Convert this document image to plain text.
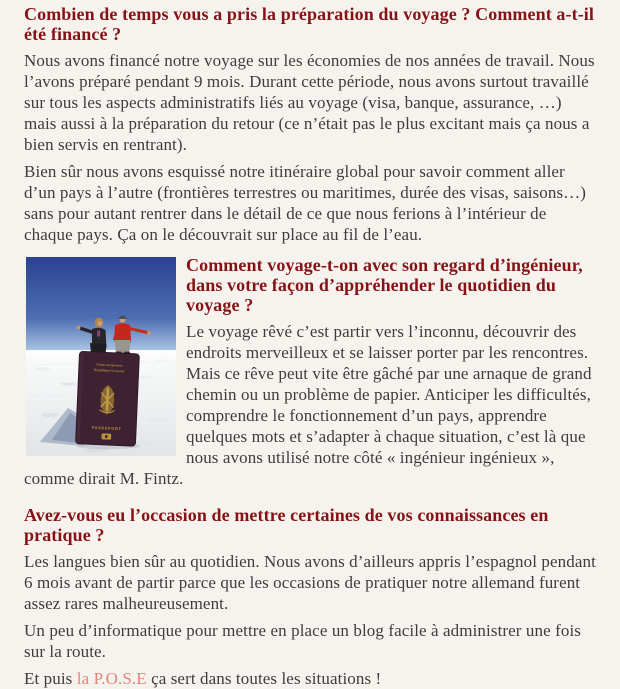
Combien de temps vous a pris la préparation du voyage ? Comment a-t-il été financé ?

Nous avons financé notre voyage sur les économies de nos années de travail. Nous l’avons préparé pendant 9 mois. Durant cette période, nous avons surtout travaillé sur tous les aspects administratifs liés au voyage (visa, banque, assurance, …) mais aussi à la préparation du retour (ce n’était pas le plus excitant mais ça nous a bien servis en rentrant).

Bien sûr nous avons esquissé notre itinéraire global pour savoir comment aller d’un pays à l’autre (frontières terrestres ou maritimes, durée des visas, saisons…) sans pour autant rentrer dans le détail de ce que nous ferions à l’intérieur de chaque pays. Ça on le découvrait sur place au fil de l’eau.

Union européenne
République française
PASSEPORT
Comment voyage-t-on avec son regard d’ingénieur, dans votre façon d’appréhender le quotidien du voyage ?

Le voyage rêvé c’est partir vers l’inconnu, découvrir des endroits merveilleux et se laisser porter par les rencontres. Mais ce rêve peut vite être gâché par une arnaque de grand chemin ou un problème de papier. Anticiper les difficultés, comprendre le fonctionnement d’un pays, apprendre quelques mots et s’adapter à chaque situation, c’est là que nous avons utilisé notre côté « ingénieur ingénieux », comme dirait M. Fintz.

Avez-vous eu l’occasion de mettre certaines de vos connaissances en pratique ?

Les langues bien sûr au quotidien. Nous avons d’ailleurs appris l’espagnol pendant 6 mois avant de partir parce que les occasions de pratiquer notre allemand furent assez rares malheureusement.

Un peu d’informatique pour mettre en place un blog facile à administrer une fois sur la route.

Et puis la P.O.S.E ça sert dans toutes les situations !
